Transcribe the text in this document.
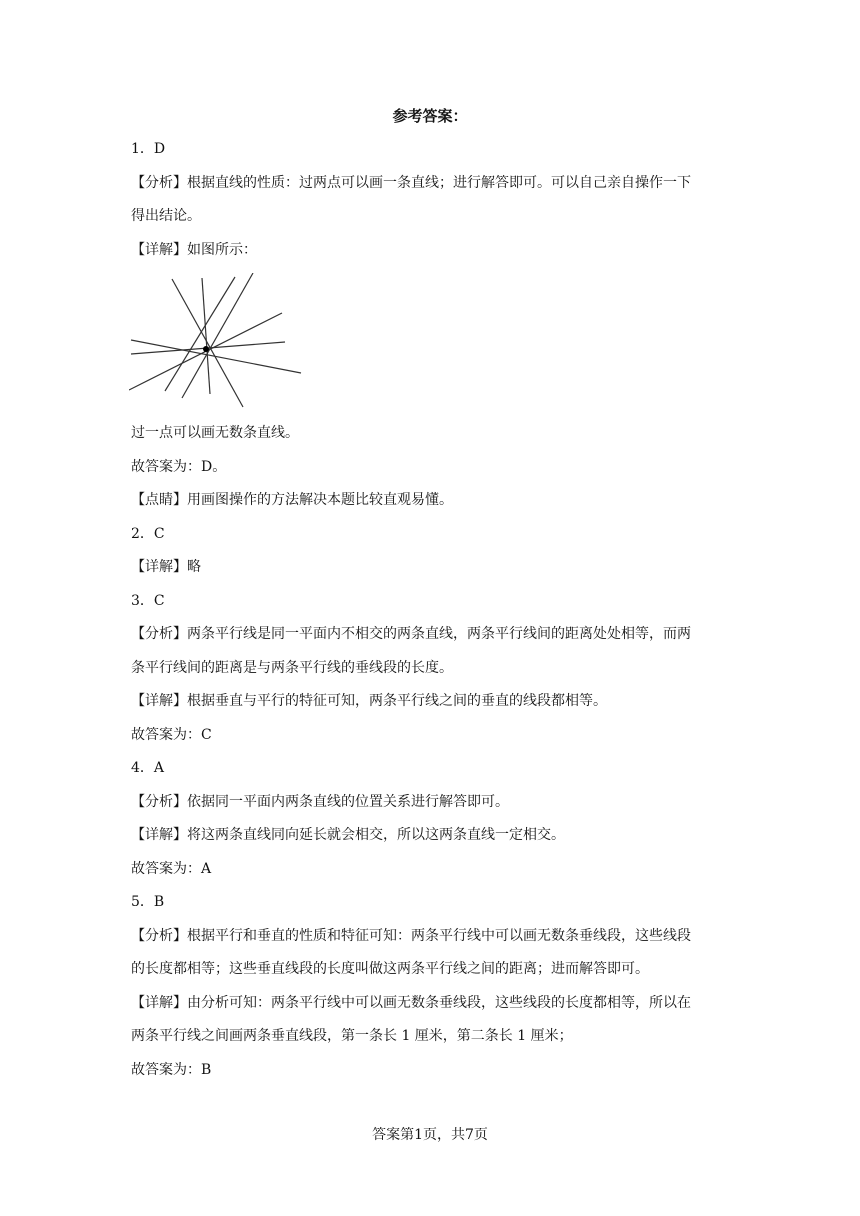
参考答案：

1．D

【分析】根据直线的性质：过两点可以画一条直线；进行解答即可。可以自己亲自操作一下

得出结论。

【详解】如图所示：

过一点可以画无数条直线。

故答案为：D。

【点睛】用画图操作的方法解决本题比较直观易懂。

2．C

【详解】略

3．C

【分析】两条平行线是同一平面内不相交的两条直线，两条平行线间的距离处处相等，而两

条平行线间的距离是与两条平行线的垂线段的长度。

【详解】根据垂直与平行的特征可知，两条平行线之间的垂直的线段都相等。

故答案为：C

4．A

【分析】依据同一平面内两条直线的位置关系进行解答即可。

【详解】将这两条直线同向延长就会相交，所以这两条直线一定相交。

故答案为：A

5．B

【分析】根据平行和垂直的性质和特征可知：两条平行线中可以画无数条垂线段，这些线段

的长度都相等；这些垂直线段的长度叫做这两条平行线之间的距离；进而解答即可。

【详解】由分析可知：两条平行线中可以画无数条垂线段，这些线段的长度都相等，所以在

两条平行线之间画两条垂直线段，第一条长 1 厘米，第二条长 1 厘米；

故答案为：B

答案第1页，共7页
